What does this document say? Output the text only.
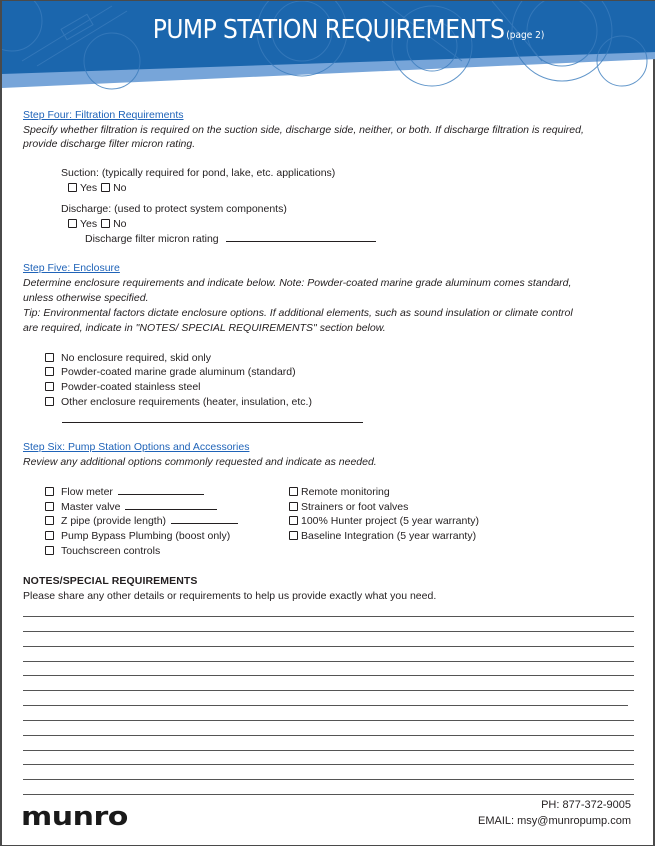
PUMP STATION REQUIREMENTS (page 2)
Step Four: Filtration Requirements
Specify whether filtration is required on the suction side, discharge side, neither, or both. If discharge filtration is required,
provide discharge filter micron rating.
Suction: (typically required for pond, lake, etc. applications)
Yes No
Discharge: (used to protect system components)
Yes No
Discharge filter micron rating
Step Five: Enclosure
Determine enclosure requirements and indicate below. Note: Powder-coated marine grade aluminum comes standard,
unless otherwise specified.
Tip: Environmental factors dictate enclosure options. If additional elements, such as sound insulation or climate control
are required, indicate in "NOTES/ SPECIAL REQUIREMENTS" section below.
No enclosure required, skid only
Powder-coated marine grade aluminum (standard)
Powder-coated stainless steel
Other enclosure requirements (heater, insulation, etc.)
Step Six: Pump Station Options and Accessories
Review any additional options commonly requested and indicate as needed.
Flow meter
Master valve
Z pipe (provide length)
Pump Bypass Plumbing (boost only)
Touchscreen controls
Remote monitoring
Strainers or foot valves
100% Hunter project (5 year warranty)
Baseline Integration (5 year warranty)
NOTES/SPECIAL REQUIREMENTS
Please share any other details or requirements to help us provide exactly what you need.
munro	PH: 877-372-9005
EMAIL: msy@munropump.com
